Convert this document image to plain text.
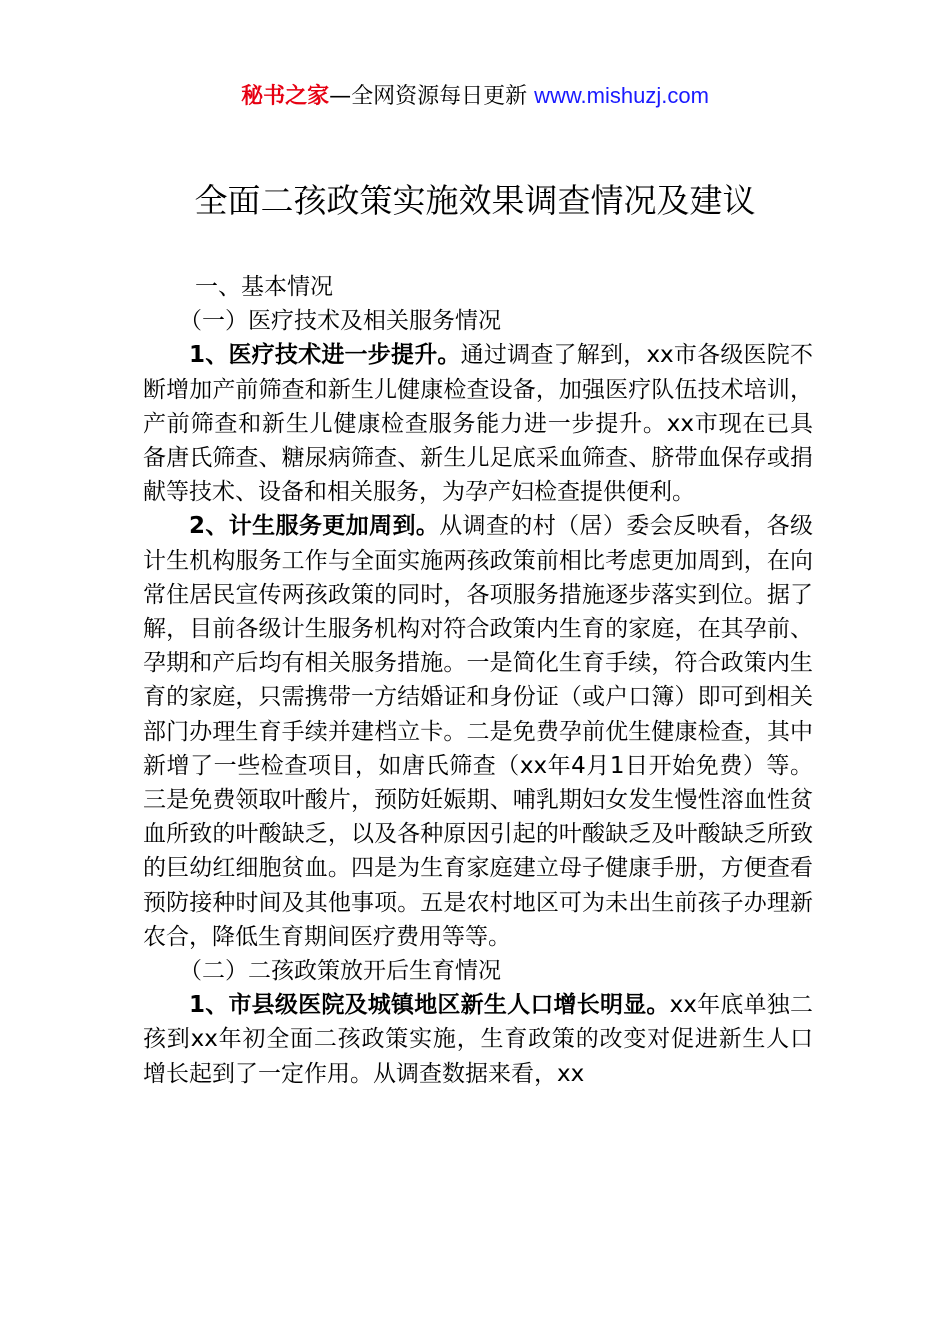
秘书之家—全网资源每日更新 www.mishuzj.com
全面二孩政策实施效果调查情况及建议

一、基本情况

（一）医疗技术及相关服务情况

1、医疗技术进一步提升。通过调查了解到，xx市各级医院不断增加产前筛查和新生儿健康检查设备，加强医疗队伍技术培训，产前筛查和新生儿健康检查服务能力进一步提升。xx市现在已具备唐氏筛查、糖尿病筛查、新生儿足底采血筛查、脐带血保存或捐献等技术、设备和相关服务，为孕产妇检查提供便利。

2、计生服务更加周到。从调查的村（居）委会反映看，各级计生机构服务工作与全面实施两孩政策前相比考虑更加周到，在向常住居民宣传两孩政策的同时，各项服务措施逐步落实到位。据了解，目前各级计生服务机构对符合政策内生育的家庭，在其孕前、孕期和产后均有相关服务措施。一是简化生育手续，符合政策内生育的家庭，只需携带一方结婚证和身份证（或户口簿）即可到相关部门办理生育手续并建档立卡。二是免费孕前优生健康检查，其中新增了一些检查项目，如唐氏筛查（xx年4月1日开始免费）等。三是免费领取叶酸片，预防妊娠期、哺乳期妇女发生慢性溶血性贫血所致的叶酸缺乏，以及各种原因引起的叶酸缺乏及叶酸缺乏所致的巨幼红细胞贫血。四是为生育家庭建立母子健康手册，方便查看预防接种时间及其他事项。五是农村地区可为未出生前孩子办理新农合，降低生育期间医疗费用等等。

（二）二孩政策放开后生育情况

1、市县级医院及城镇地区新生人口增长明显。xx年底单独二孩到xx年初全面二孩政策实施，生育政策的改变对促进新生人口增长起到了一定作用。从调查数据来看，xx
